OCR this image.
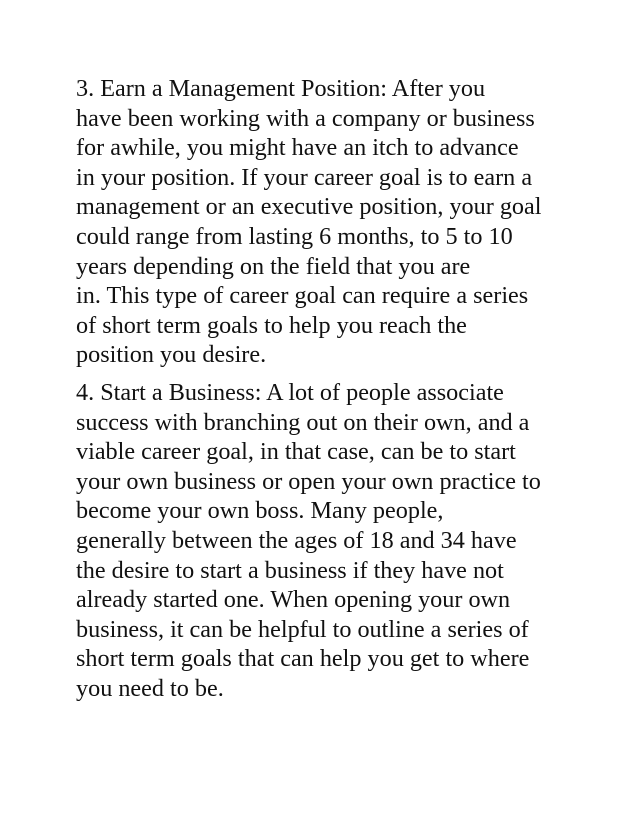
3. Earn a Management Position: After you
have been working with a company or business
for awhile, you might have an itch to advance
in your position. If your career goal is to earn a
management or an executive position, your goal
could range from lasting 6 months, to 5 to 10
years depending on the field that you are
in. This type of career goal can require a series
of short term goals to help you reach the
position you desire.
4. Start a Business: A lot of people associate
success with branching out on their own, and a
viable career goal, in that case, can be to start
your own business or open your own practice to
become your own boss. Many people,
generally between the ages of 18 and 34 have
the desire to start a business if they have not
already started one. When opening your own
business, it can be helpful to outline a series of
short term goals that can help you get to where
you need to be.
